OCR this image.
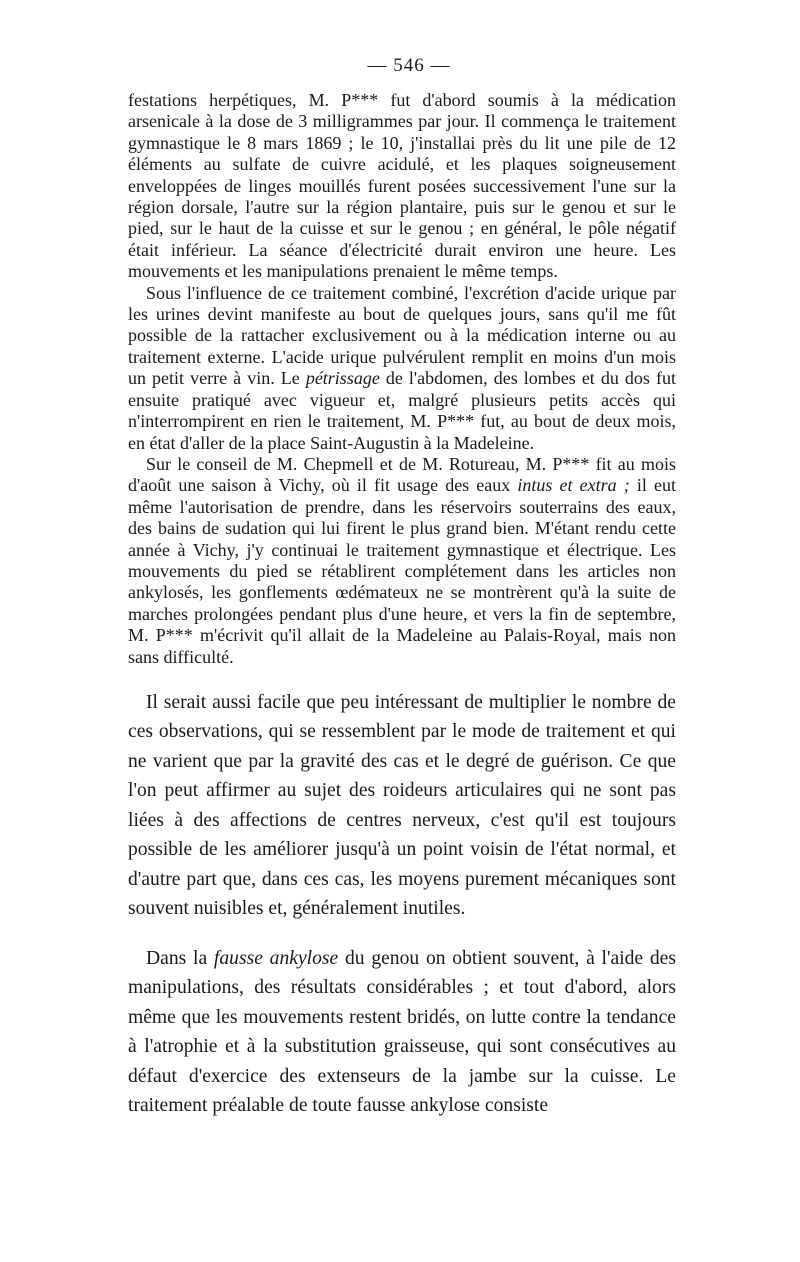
— 546 —

festations herpétiques, M. P*** fut d'abord soumis à la médication arsenicale à la dose de 3 milligrammes par jour. Il commença le traitement gymnastique le 8 mars 1869 ; le 10, j'installai près du lit une pile de 12 éléments au sulfate de cuivre acidulé, et les plaques soigneusement enveloppées de linges mouillés furent posées successivement l'une sur la région dorsale, l'autre sur la région plantaire, puis sur le genou et sur le pied, sur le haut de la cuisse et sur le genou ; en général, le pôle négatif était inférieur. La séance d'électricité durait environ une heure. Les mouvements et les manipulations prenaient le même temps.

Sous l'influence de ce traitement combiné, l'excrétion d'acide urique par les urines devint manifeste au bout de quelques jours, sans qu'il me fût possible de la rattacher exclusivement ou à la médication interne ou au traitement externe. L'acide urique pulvérulent remplit en moins d'un mois un petit verre à vin. Le pétrissage de l'abdomen, des lombes et du dos fut ensuite pratiqué avec vigueur et, malgré plusieurs petits accès qui n'interrompirent en rien le traitement, M. P*** fut, au bout de deux mois, en état d'aller de la place Saint-Augustin à la Madeleine.

Sur le conseil de M. Chepmell et de M. Rotureau, M. P*** fit au mois d'août une saison à Vichy, où il fit usage des eaux intus et extra ; il eut même l'autorisation de prendre, dans les réservoirs souterrains des eaux, des bains de sudation qui lui firent le plus grand bien. M'étant rendu cette année à Vichy, j'y continuai le traitement gymnastique et électrique. Les mouvements du pied se rétablirent complétement dans les articles non ankylosés, les gonflements œdémateux ne se montrèrent qu'à la suite de marches prolongées pendant plus d'une heure, et vers la fin de septembre, M. P*** m'écrivit qu'il allait de la Madeleine au Palais-Royal, mais non sans difficulté.

Il serait aussi facile que peu intéressant de multiplier le nombre de ces observations, qui se ressemblent par le mode de traitement et qui ne varient que par la gravité des cas et le degré de guérison. Ce que l'on peut affirmer au sujet des roideurs articulaires qui ne sont pas liées à des affections de centres nerveux, c'est qu'il est toujours possible de les améliorer jusqu'à un point voisin de l'état normal, et d'autre part que, dans ces cas, les moyens purement mécaniques sont souvent nuisibles et, généralement inutiles.

Dans la fausse ankylose du genou on obtient souvent, à l'aide des manipulations, des résultats considérables ; et tout d'abord, alors même que les mouvements restent bridés, on lutte contre la tendance à l'atrophie et à la substitution graisseuse, qui sont consécutives au défaut d'exercice des extenseurs de la jambe sur la cuisse. Le traitement préalable de toute fausse ankylose consiste
